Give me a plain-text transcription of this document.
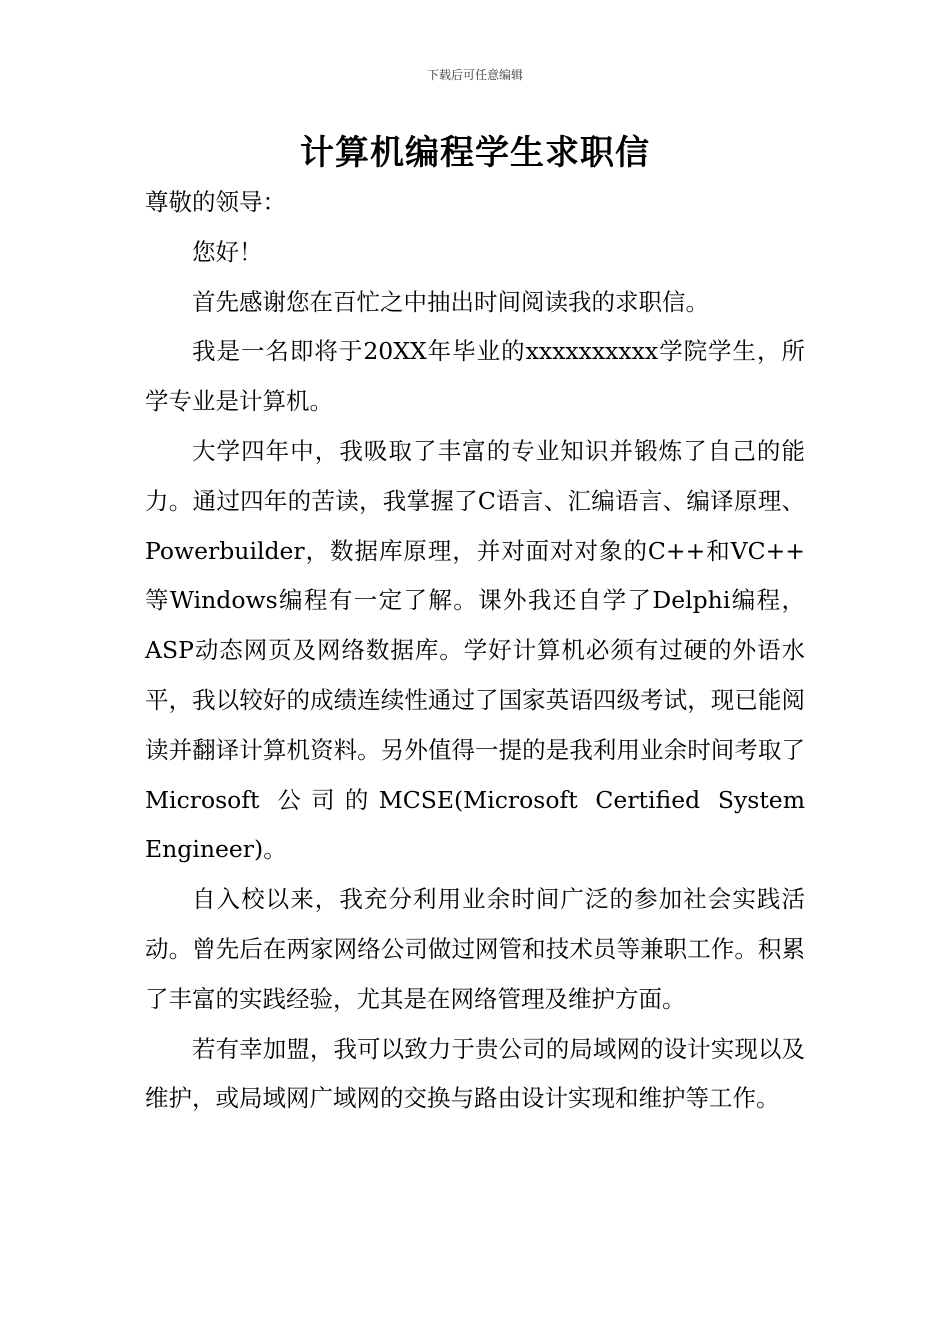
下载后可任意编辑
计算机编程学生求职信

尊敬的领导：

您好！

首先感谢您在百忙之中抽出时间阅读我的求职信。

我是一名即将于20XX年毕业的xxxxxxxxxx学院学生，所学专业是计算机。

大学四年中，我吸取了丰富的专业知识并锻炼了自己的能力。通过四年的苦读，我掌握了C语言、汇编语言、编译原理、Powerbuilder，数据库原理，并对面对对象的C++和VC++ 等Windows编程有一定了解。课外我还自学了Delphi编程，ASP动态网页及网络数据库。学好计算机必须有过硬的外语水平，我以较好的成绩连续性通过了国家英语四级考试，现已能阅读并翻译计算机资料。另外值得一提的是我利用业余时间考取了Microsoft 公司的MCSE(Microsoft Certified System Engineer)。

自入校以来，我充分利用业余时间广泛的参加社会实践活动。曾先后在两家网络公司做过网管和技术员等兼职工作。积累了丰富的实践经验，尤其是在网络管理及维护方面。

若有幸加盟，我可以致力于贵公司的局域网的设计实现以及维护，或局域网广域网的交换与路由设计实现和维护等工作。
